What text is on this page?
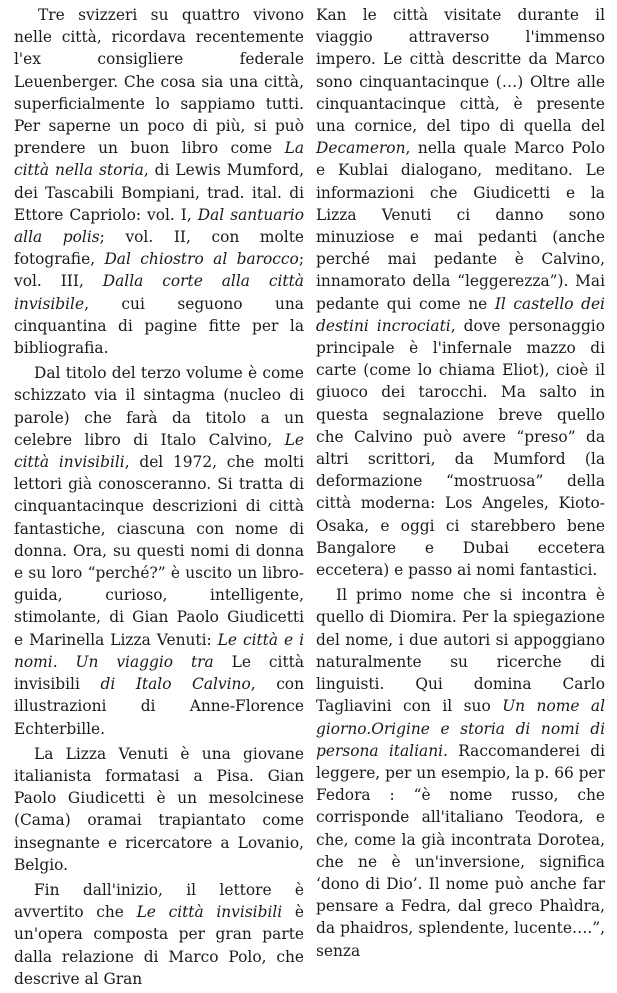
Tre svizzeri su quattro vivono nelle città, ricordava recentemente l'ex consigliere federale Leuenberger. Che cosa sia una città, superficialmente lo sappiamo tutti. Per saperne un poco di più, si può prendere un buon libro come La città nella storia, di Lewis Mumford, dei Tascabili Bompiani, trad. ital. di Ettore Capriolo: vol. I, Dal santuario alla polis; vol. II, con molte fotografie, Dal chiostro al barocco; vol. III, Dalla corte alla città invisibile, cui seguono una cinquantina di pagine fitte per la bibliografia.

Dal titolo del terzo volume è come schizzato via il sintagma (nucleo di parole) che farà da titolo a un celebre libro di Italo Calvino, Le città invisibili, del 1972, che molti lettori già conosceranno. Si tratta di cinquantacinque descrizioni di città fantastiche, ciascuna con nome di donna. Ora, su questi nomi di donna e su loro “perché?” è uscito un libro-guida, curioso, intelligente, stimolante, di Gian Paolo Giudicetti e Marinella Lizza Venuti: Le città e i nomi. Un viaggio tra Le città invisibili di Italo Calvino, con illustrazioni di Anne-Florence Echterbille.

La Lizza Venuti è una giovane italianista formatasi a Pisa. Gian Paolo Giudicetti è un mesolcinese (Cama) oramai trapiantato come insegnante e ricercatore a Lovanio, Belgio.

Fin dall'inizio, il lettore è avvertito che Le città invisibili è un'opera composta per gran parte dalla relazione di Marco Polo, che descrive al Gran

Kan le città visitate durante il viaggio attraverso l'immenso impero. Le città descritte da Marco sono cinquantacinque (…) Oltre alle cinquantacinque città, è presente una cornice, del tipo di quella del Decameron, nella quale Marco Polo e Kublai dialogano, meditano. Le informazioni che Giudicetti e la Lizza Venuti ci danno sono minuziose e mai pedanti (anche perché mai pedante è Calvino, innamorato della “leggerezza”). Mai pedante qui come ne Il castello dei destini incrociati, dove personaggio principale è l'infernale mazzo di carte (come lo chiama Eliot), cioè il giuoco dei tarocchi. Ma salto in questa segnalazione breve quello che Calvino può avere “preso” da altri scrittori, da Mumford (la deformazione “mostruosa” della città moderna: Los Angeles, Kioto-Osaka, e oggi ci starebbero bene Bangalore e Dubai eccetera eccetera) e passo ai nomi fantastici.

Il primo nome che si incontra è quello di Diomira. Per la spiegazione del nome, i due autori si appoggiano naturalmente su ricerche di linguisti. Qui domina Carlo Tagliavini con il suo Un nome al giorno.Origine e storia di nomi di persona italiani. Raccomanderei di leggere, per un esempio, la p. 66 per Fedora : “è nome russo, che corrisponde all'italiano Teodora, e che, come la già incontrata Dorotea, che ne è un'inversione, significa ‘dono di Dio’. Il nome può anche far pensare a Fedra, dal greco Phaìdra, da phaidros, splendente, lucente….”, senza
